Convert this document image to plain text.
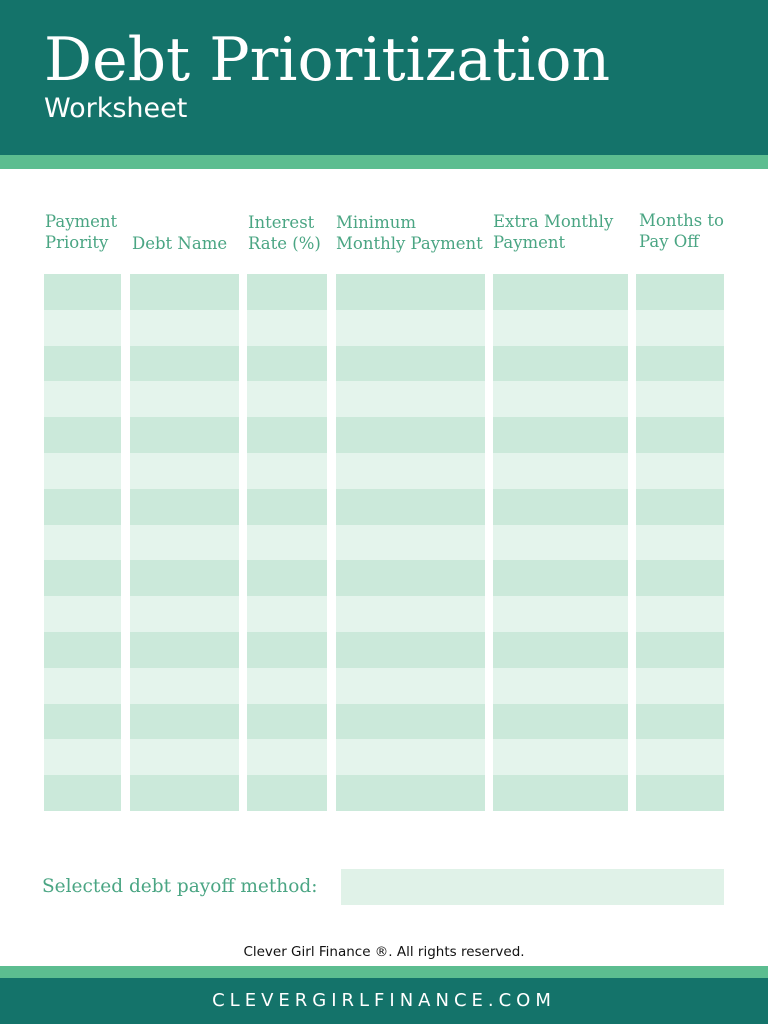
Debt Prioritization
Worksheet
Payment
Priority	Debt Name
Interest
Rate (%)
Minimum
Monthly Payment
Extra Monthly
Payment
Months to
Pay Off
Selected debt payoff method:
Clever Girl Finance ®. All rights reserved.
CLEVERGIRLFINANCE.COM
